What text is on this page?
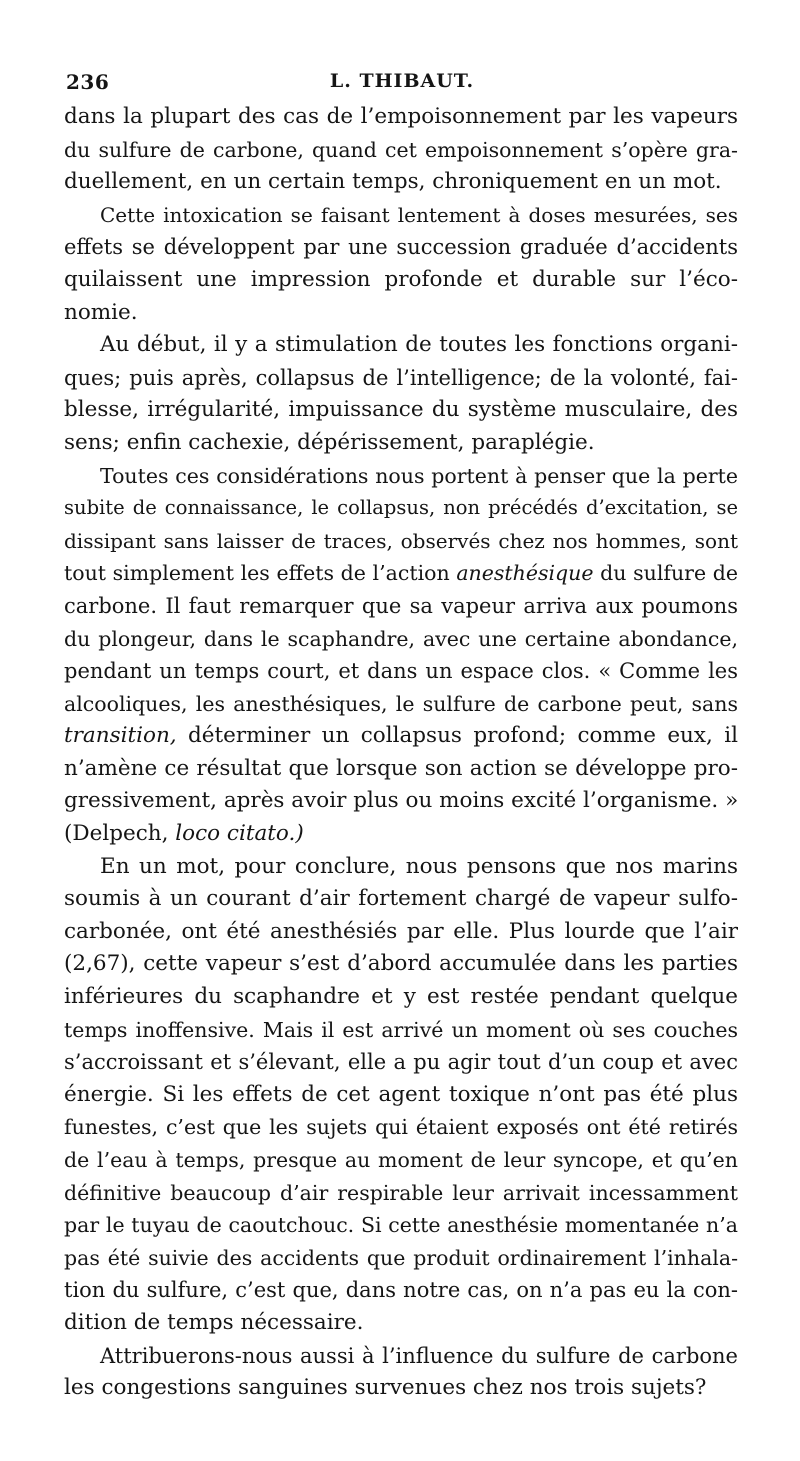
236	L. THIBAUT.
dans la plupart des cas de l’empoisonnement par les vapeurs
du sulfure de carbone, quand cet empoisonnement s’opère gra-
duellement, en un certain temps, chroniquement en un mot.
Cette intoxication se faisant lentement à doses mesurées, ses
effets se développent par une succession graduée d’accidents
quilaissent une impression profonde et durable sur l’éco-
nomie.
Au début, il y a stimulation de toutes les fonctions organi-
ques; puis après, collapsus de l’intelligence; de la volonté, fai-
blesse, irrégularité, impuissance du système musculaire, des
sens; enfin cachexie, dépérissement, paraplégie.
Toutes ces considérations nous portent à penser que la perte
subite de connaissance, le collapsus, non précédés d’excitation, se
dissipant sans laisser de traces, observés chez nos hommes, sont
tout simplement les effets de l’action anesthésique du sulfure de
carbone. Il faut remarquer que sa vapeur arriva aux poumons
du plongeur, dans le scaphandre, avec une certaine abondance,
pendant un temps court, et dans un espace clos. « Comme les
alcooliques, les anesthésiques, le sulfure de carbone peut, sans
transition, déterminer un collapsus profond; comme eux, il
n’amène ce résultat que lorsque son action se développe pro-
gressivement, après avoir plus ou moins excité l’organisme. »
(Delpech, loco citato.)
En un mot, pour conclure, nous pensons que nos marins
soumis à un courant d’air fortement chargé de vapeur sulfo-
carbonée, ont été anesthésiés par elle. Plus lourde que l’air
(2,67), cette vapeur s’est d’abord accumulée dans les parties
inférieures du scaphandre et y est restée pendant quelque
temps inoffensive. Mais il est arrivé un moment où ses couches
s’accroissant et s’élevant, elle a pu agir tout d’un coup et avec
énergie. Si les effets de cet agent toxique n’ont pas été plus
funestes, c’est que les sujets qui étaient exposés ont été retirés
de l’eau à temps, presque au moment de leur syncope, et qu’en
définitive beaucoup d’air respirable leur arrivait incessamment
par le tuyau de caoutchouc. Si cette anesthésie momentanée n’a
pas été suivie des accidents que produit ordinairement l’inhala-
tion du sulfure, c’est que, dans notre cas, on n’a pas eu la con-
dition de temps nécessaire.
Attribuerons-nous aussi à l’influence du sulfure de carbone
les congestions sanguines survenues chez nos trois sujets?
